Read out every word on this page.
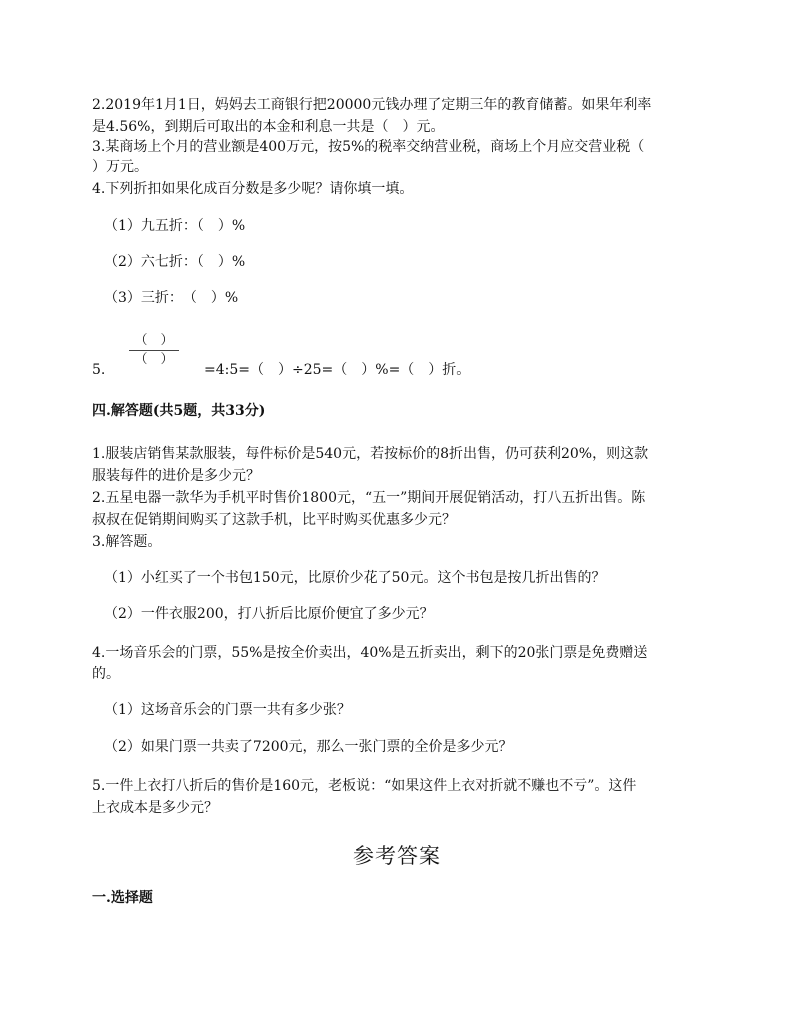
2.2019年1月1日，妈妈去工商银行把20000元钱办理了定期三年的教育储蓄。如果年利率
是4.56%，到期后可取出的本金和利息一共是（　）元。
3.某商场上个月的营业额是400万元，按5%的税率交纳营业税，商场上个月应交营业税（
）万元。
4.下列折扣如果化成百分数是多少呢？请你填一填。
（1）九五折：（　）%
（2）六七折：（　）%
（3）三折：　（　）%
5.
（　）
（　）
=4:5=（　）÷25=（　）%=（　）折。
四.解答题(共5题，共33分)
1.服装店销售某款服装，每件标价是540元，若按标价的8折出售，仍可获利20%，则这款
服装每件的进价是多少元？
2.五星电器一款华为手机平时售价1800元，“五一”期间开展促销活动，打八五折出售。陈
叔叔在促销期间购买了这款手机，比平时购买优惠多少元？
3.解答题。
（1）小红买了一个书包150元，比原价少花了50元。这个书包是按几折出售的？
（2）一件衣服200，打八折后比原价便宜了多少元？
4.一场音乐会的门票，55%是按全价卖出，40%是五折卖出，剩下的20张门票是免费赠送
的。
（1）这场音乐会的门票一共有多少张？
（2）如果门票一共卖了7200元，那么一张门票的全价是多少元？
5.一件上衣打八折后的售价是160元，老板说：“如果这件上衣对折就不赚也不亏”。这件
上衣成本是多少元？
参考答案
一.选择题
